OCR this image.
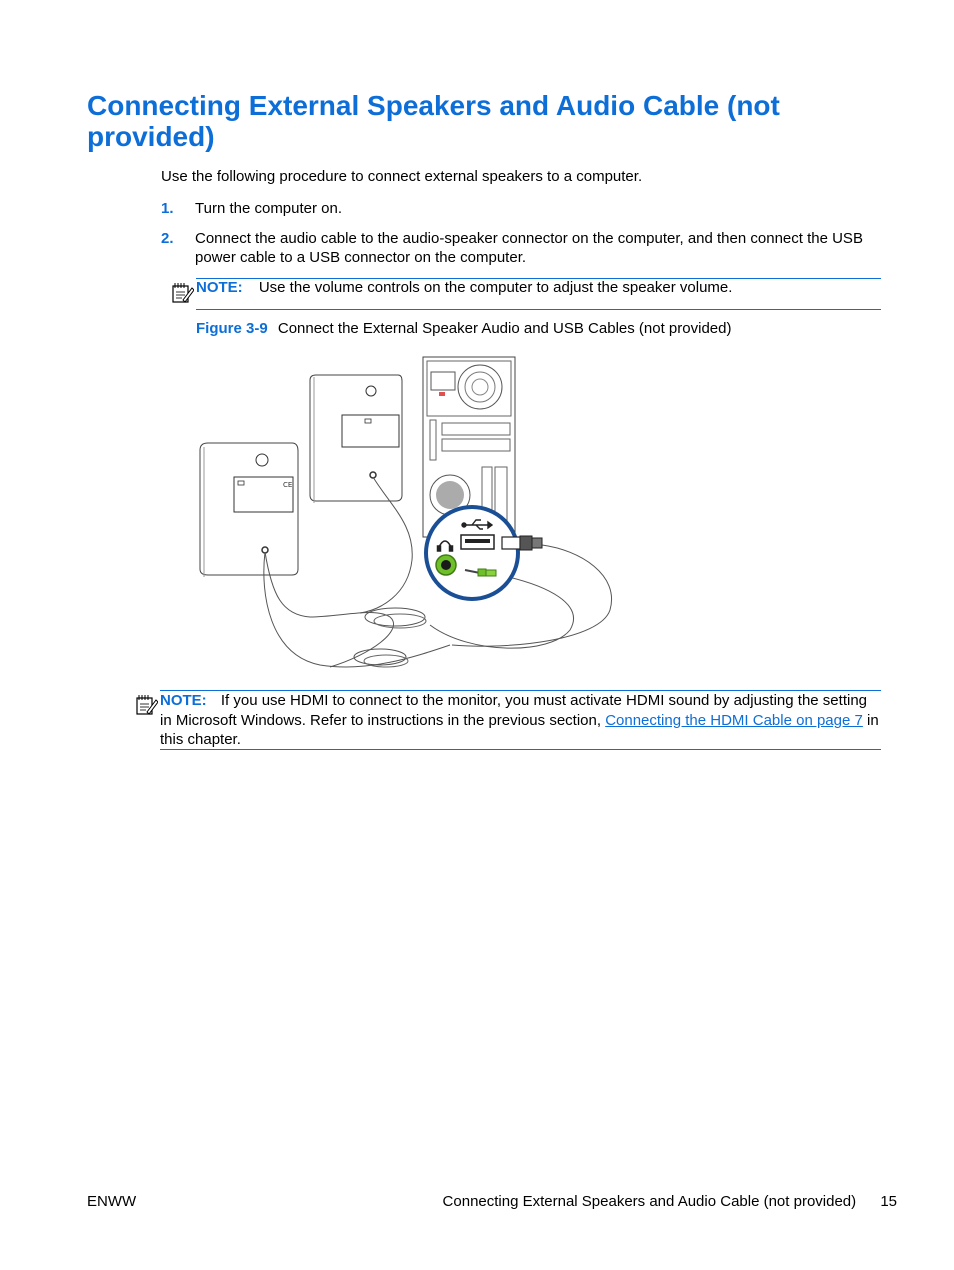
Connecting External Speakers and Audio Cable (not provided)
Use the following procedure to connect external speakers to a computer.
1. Turn the computer on.
2. Connect the audio cable to the audio-speaker connector on the computer, and then connect the USB power cable to a USB connector on the computer.
NOTE: Use the volume controls on the computer to adjust the speaker volume.
Figure 3-9 Connect the External Speaker Audio and USB Cables (not provided)
CE
NOTE: If you use HDMI to connect to the monitor, you must activate HDMI sound by adjusting the setting in Microsoft Windows. Refer to instructions in the previous section, Connecting the HDMI Cable on page 7 in this chapter.
ENWW	Connecting External Speakers and Audio Cable (not provided) 15
